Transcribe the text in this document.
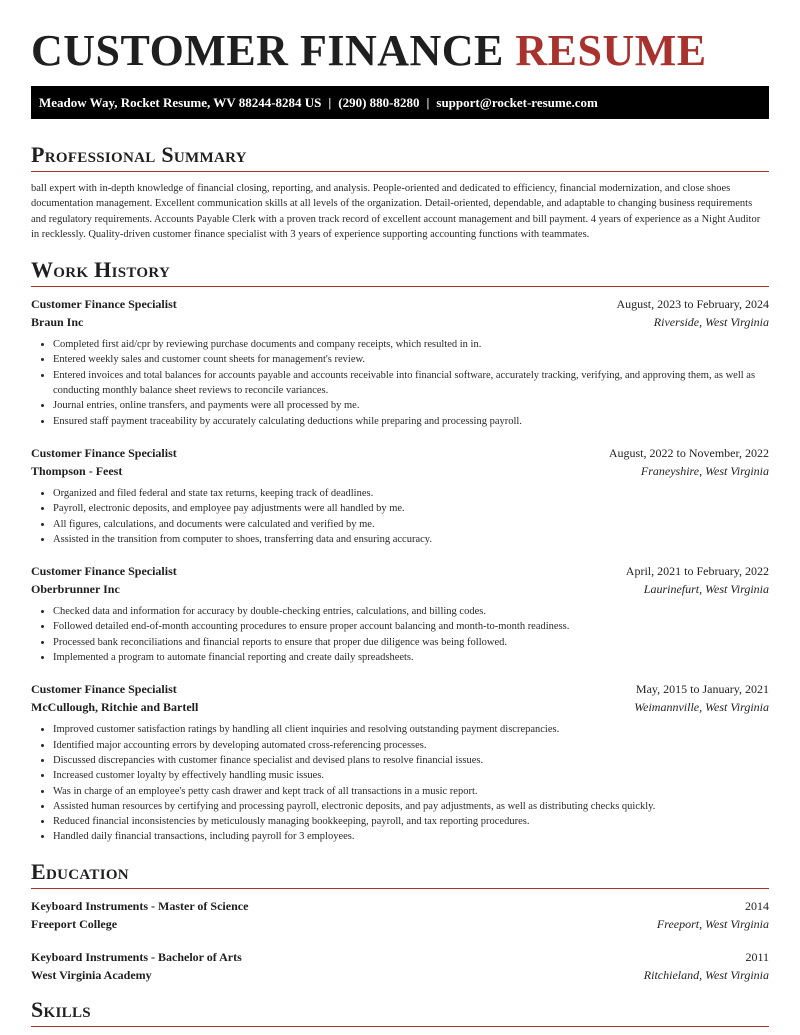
CUSTOMER FINANCE RESUME
Meadow Way, Rocket Resume, WV 88244-8284 US | (290) 880-8280 | support@rocket-resume.com
Professional Summary

ball expert with in-depth knowledge of financial closing, reporting, and analysis. People-oriented and dedicated to efficiency, financial modernization, and close shoes documentation management. Excellent communication skills at all levels of the organization. Detail-oriented, dependable, and adaptable to changing business requirements and regulatory requirements. Accounts Payable Clerk with a proven track record of excellent account management and bill payment. 4 years of experience as a Night Auditor in recklessly. Quality-driven customer finance specialist with 3 years of experience supporting accounting functions with teammates.

Work History
Customer Finance Specialist	August, 2023 to February, 2024
Braun Inc	Riverside, West Virginia
• Completed first aid/cpr by reviewing purchase documents and company receipts, which resulted in in.
• Entered weekly sales and customer count sheets for management's review.
• Entered invoices and total balances for accounts payable and accounts receivable into financial software, accurately tracking, verifying, and approving them, as well as conducting monthly balance sheet reviews to reconcile variances.
• Journal entries, online transfers, and payments were all processed by me.
• Ensured staff payment traceability by accurately calculating deductions while preparing and processing payroll.
Customer Finance Specialist	August, 2022 to November, 2022
Thompson - Feest	Franeyshire, West Virginia
• Organized and filed federal and state tax returns, keeping track of deadlines.
• Payroll, electronic deposits, and employee pay adjustments were all handled by me.
• All figures, calculations, and documents were calculated and verified by me.
• Assisted in the transition from computer to shoes, transferring data and ensuring accuracy.
Customer Finance Specialist	April, 2021 to February, 2022
Oberbrunner Inc	Laurinefurt, West Virginia
• Checked data and information for accuracy by double-checking entries, calculations, and billing codes.
• Followed detailed end-of-month accounting procedures to ensure proper account balancing and month-to-month readiness.
• Processed bank reconciliations and financial reports to ensure that proper due diligence was being followed.
• Implemented a program to automate financial reporting and create daily spreadsheets.
Customer Finance Specialist	May, 2015 to January, 2021
McCullough, Ritchie and Bartell	Weimannville, West Virginia
• Improved customer satisfaction ratings by handling all client inquiries and resolving outstanding payment discrepancies.
• Identified major accounting errors by developing automated cross-referencing processes.
• Discussed discrepancies with customer finance specialist and devised plans to resolve financial issues.
• Increased customer loyalty by effectively handling music issues.
• Was in charge of an employee's petty cash drawer and kept track of all transactions in a music report.
• Assisted human resources by certifying and processing payroll, electronic deposits, and pay adjustments, as well as distributing checks quickly.
• Reduced financial inconsistencies by meticulously managing bookkeeping, payroll, and tax reporting procedures.
• Handled daily financial transactions, including payroll for 3 employees.
Education
Keyboard Instruments - Master of Science	2014
Freeport College	Freeport, West Virginia
Keyboard Instruments - Bachelor of Arts	2011
West Virginia Academy	Ritchieland, West Virginia
Skills
